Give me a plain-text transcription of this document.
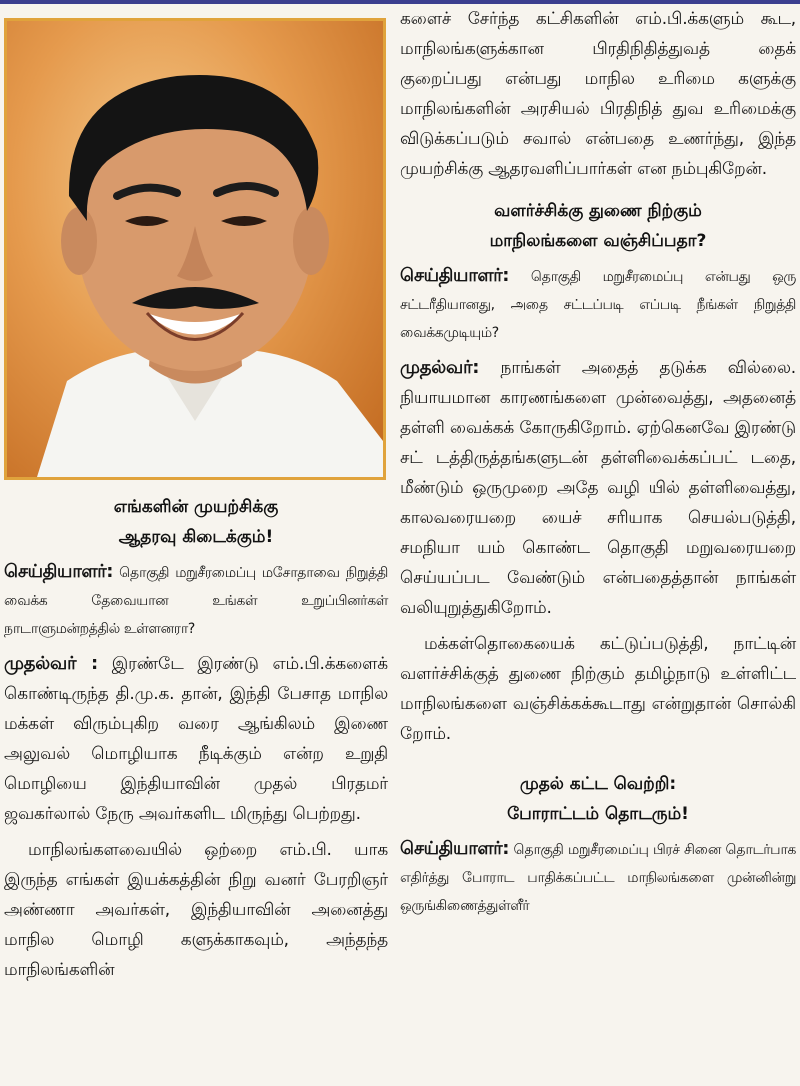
எங்களின் முயற்சிக்கு
ஆதரவு கிடைக்கும்!

செய்தியாளர்: தொகுதி மறுசீரமைப்பு மசோதாவை நிறுத்தி வைக்க தேவையான உங்கள் உறுப்பினர்கள் நாடாளுமன்றத்தில் உள்ளனரா?

முதல்வர் : இரண்டே இரண்டு எம்.பி.க்களைக் கொண்டிருந்த தி.மு.க. தான், இந்தி பேசாத மாநில மக்கள் விரும்புகிற வரை ஆங்கிலம் இணை அலுவல் மொழியாக நீடிக்கும் என்ற உறுதி மொழியை இந்தியாவின் முதல் பிரதமர் ஜவகர்லால் நேரு அவர்களிட மிருந்து பெற்றது.

மாநிலங்களவையில் ஒற்றை எம்.பி. யாக இருந்த எங்கள் இயக்கத்தின் நிறு வனர் பேரறிஞர் அண்ணா அவர்கள், இந்தியாவின் அனைத்து மாநில மொழி களுக்காகவும், அந்தந்த மாநிலங்களின்

களைச் சேர்ந்த கட்சிகளின் எம்.பி.க்களும் கூட, மாநிலங்களுக்கான பிரதிநிதித்துவத் தைக் குறைப்பது என்பது மாநில உரிமை களுக்கு மாநிலங்களின் அரசியல் பிரதிநித் துவ உரிமைக்கு விடுக்கப்படும் சவால் என்பதை உணர்ந்து, இந்த முயற்சிக்கு ஆதரவளிப்பார்கள் என நம்புகிறேன்.

வளர்ச்சிக்கு துணை நிற்கும்
மாநிலங்களை வஞ்சிப்பதா?

செய்தியாளர்: தொகுதி மறுசீரமைப்பு என்பது ஒரு சட்டரீதியானது, அதை சட்டப்படி எப்படி நீங்கள் நிறுத்தி வைக்கமுடியும்?

முதல்வர்: நாங்கள் அதைத் தடுக்க வில்லை. நியாயமான காரணங்களை முன்வைத்து, அதனைத் தள்ளி வைக்கக் கோருகிறோம். ஏற்கெனவே இரண்டு சட் டத்திருத்தங்களுடன் தள்ளிவைக்கப்பட் டதை, மீண்டும் ஒருமுறை அதே வழி யில் தள்ளிவைத்து, காலவரையறை யைச் சரியாக செயல்படுத்தி, சமநியா யம் கொண்ட தொகுதி மறுவரையறை செய்யப்பட வேண்டும் என்பதைத்தான் நாங்கள் வலியுறுத்துகிறோம்.

மக்கள்தொகையைக் கட்டுப்படுத்தி, நாட்டின் வளர்ச்சிக்குத் துணை நிற்கும் தமிழ்நாடு உள்ளிட்ட மாநிலங்களை வஞ்சிக்கக்கூடாது என்றுதான் சொல்கி றோம்.

முதல் கட்ட வெற்றி:
போராட்டம் தொடரும்!

செய்தியாளர்: தொகுதி மறுசீரமைப்பு பிரச் சினை தொடர்பாக எதிர்த்து போராட பாதிக்கப்பட்ட மாநிலங்களை முன்னின்று ஒருங்கிணைத்துள்ளீர்
